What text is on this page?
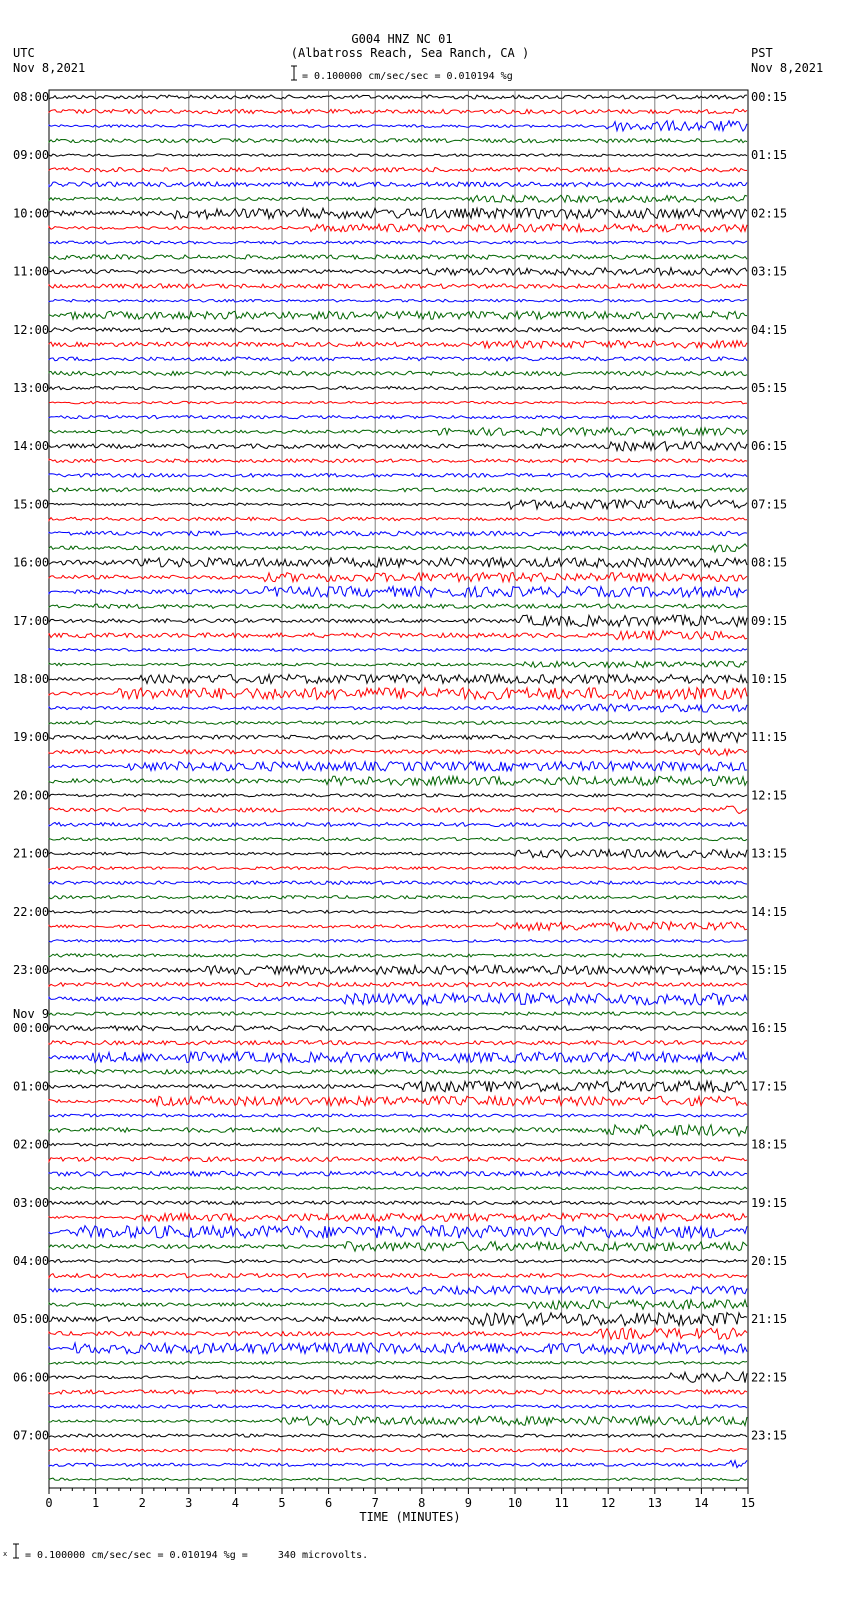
G004 HNZ NC 01
(Albatross Reach, Sea Ranch, CA )
UTC
Nov 8,2021
PST
Nov 8,2021
= 0.100000 cm/sec/sec = 0.010194 %g
08:00	00:15
09:00	01:15
10:00	02:15
11:00	03:15
12:00	04:15
13:00	05:15
14:00	06:15
15:00	07:15
16:00	08:15
17:00	09:15
18:00	10:15
19:00	11:15
20:00	12:15
21:00	13:15
22:00	14:15
23:00	15:15
00:00	16:15
01:00	17:15
02:00	18:15
03:00	19:15
04:00	20:15
05:00	21:15
06:00	22:15
07:00	23:15
Nov 9
0	1	2	3	4	5	6	7	8	9	10	11	12	13	14	15
TIME (MINUTES)
x = 0.100000 cm/sec/sec = 0.010194 %g =     340 microvolts.
